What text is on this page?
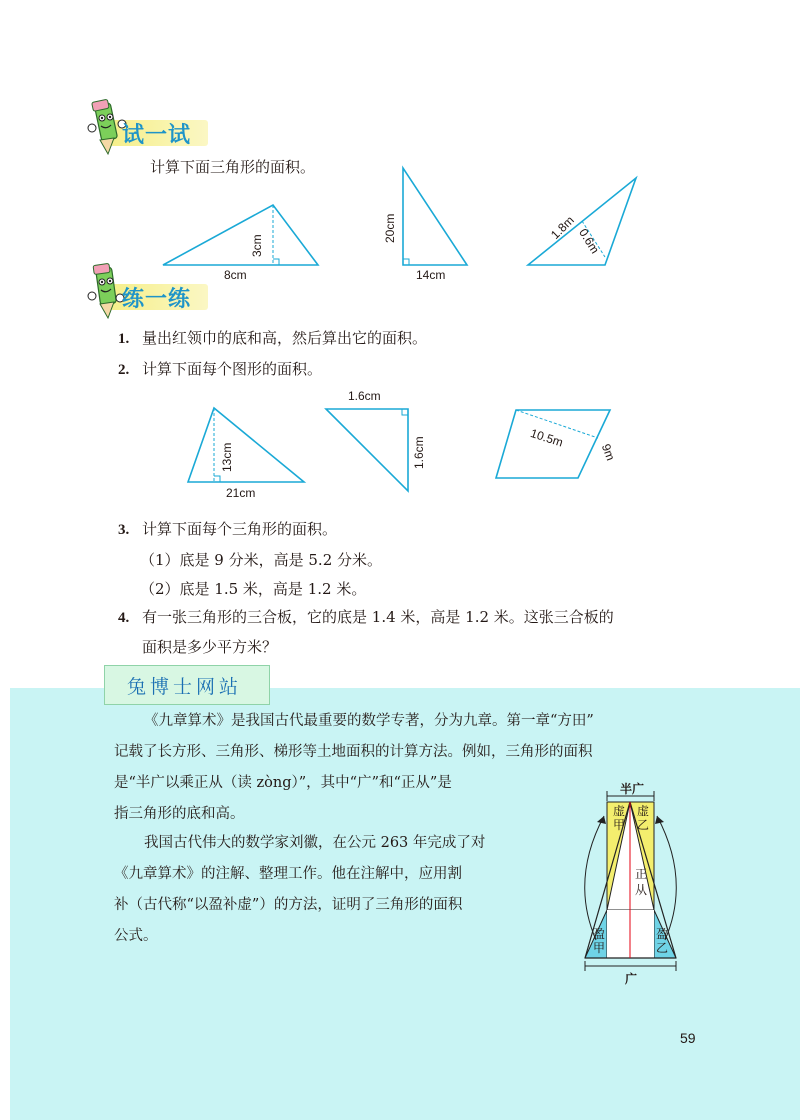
试一试
计算下面三角形的面积。
3cm
8cm
20cm
14cm
1.8m 0.6m
练一练
1. 量出红领巾的底和高，然后算出它的面积。
2. 计算下面每个图形的面积。
13cm
21cm
1.6cm
1.6cm	10.5m
9m
3. 计算下面每个三角形的面积。
（1）底是 9 分米，高是 5.2 分米。
（2）底是 1.5 米，高是 1.2 米。
4. 有一张三角形的三合板，它的底是 1.4 米，高是 1.2 米。这张三合板的
面积是多少平方米？
兔博士网站
《九章算术》是我国古代最重要的数学专著，分为九章。第一章“方田”
记载了长方形、三角形、梯形等土地面积的计算方法。例如，三角形的面积
是“半广以乘正从（读 zòng）”，其中“广”和“正从”是
指三角形的底和高。
我国古代伟大的数学家刘徽，在公元 263 年完成了对
《九章算术》的注解、整理工作。他在注解中，应用割
补（古代称“以盈补虚”）的方法，证明了三角形的面积
公式。
半广
虚甲
虚乙
正从
盈甲
盈乙
广
59
